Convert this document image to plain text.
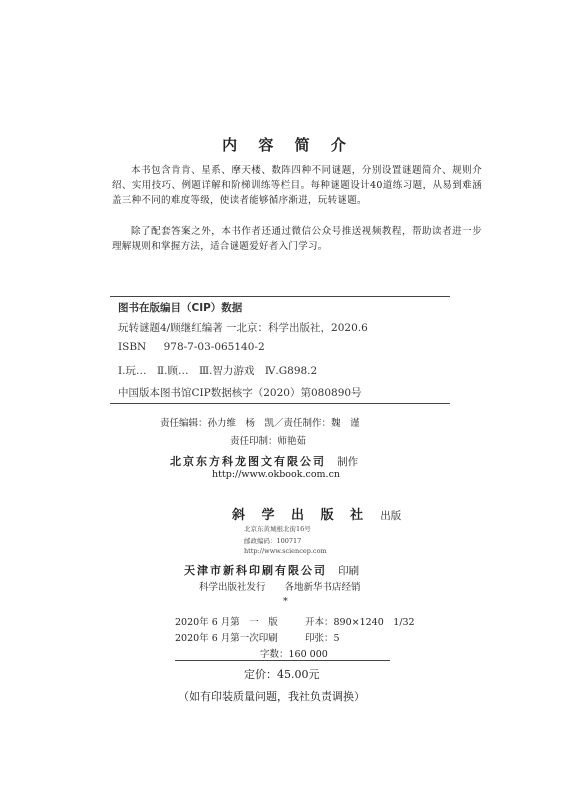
内 容 简 介
本书包含肯肯、星系、摩天楼、数阵四种不同谜题，分别设置谜题简介、规则介绍、实用技巧、例题详解和阶梯训练等栏目。每种谜题设计40道练习题，从易到难涵盖三种不同的难度等级，使读者能够循序渐进，玩转谜题。
除了配套答案之外，本书作者还通过微信公众号推送视频教程，帮助读者进一步理解规则和掌握方法，适合谜题爱好者入门学习。
图书在版编目（CIP）数据
玩转谜题4/顾继红编著 一北京：科学出版社，2020.6
ISBN 978-7-03-065140-2
Ⅰ.玩…　Ⅱ.顾…　Ⅲ.智力游戏　Ⅳ.G898.2
中国版本图书馆CIP数据核字（2020）第080890号
责任编辑：孙力维　杨　凯／责任制作：魏　谨
责任印制：师艳茹
北京东方科龙图文有限公司 制作
http://www.okbook.com.cn
斜 学 出 版 社 出版
北京东黄城根北街16号
邮政编码：100717
http://www.sciencep.com
天津市新科印刷有限公司 印刷
科学出版社发行　　各地新华书店经销
*
2020年 6 月第　一　版	开本：890×1240　1/32
2020年 6 月第一次印刷	印张：5
字数：160 000
定价：45.00元
（如有印装质量问题，我社负责调换）
